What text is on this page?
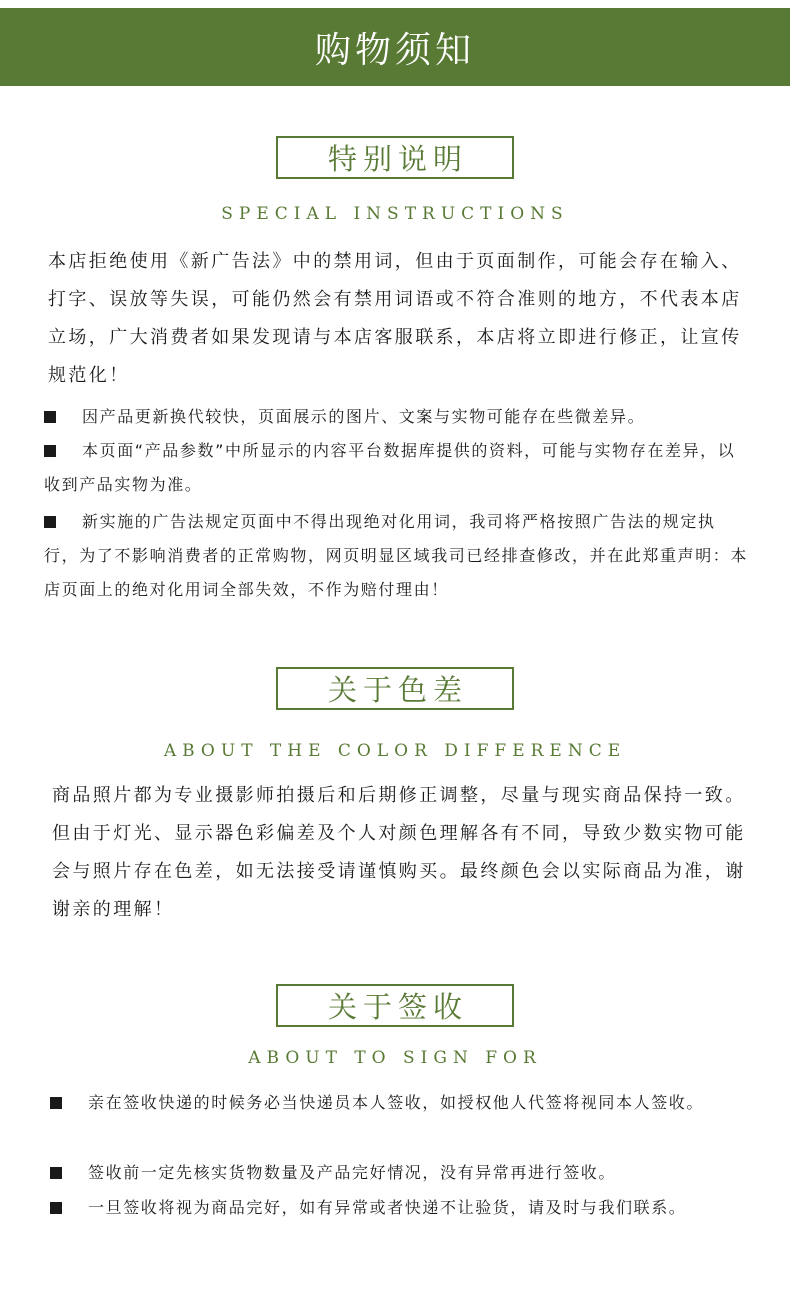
购物须知
特别说明
SPECIAL INSTRUCTIONS

本店拒绝使用《新广告法》中的禁用词，但由于页面制作，可能会存在输入、打字、误放等失误，可能仍然会有禁用词语或不符合准则的地方，不代表本店立场，广大消费者如果发现请与本店客服联系，本店将立即进行修正，让宣传规范化！

因产品更新换代较快，页面展示的图片、文案与实物可能存在些微差异。

本页面“产品参数”中所显示的内容平台数据库提供的资料，可能与实物存在差异，以收到产品实物为准。

新实施的广告法规定页面中不得出现绝对化用词，我司将严格按照广告法的规定执行，为了不影响消费者的正常购物，网页明显区域我司已经排查修改，并在此郑重声明：本店页面上的绝对化用词全部失效，不作为赔付理由！

关于色差
ABOUT THE COLOR DIFFERENCE

商品照片都为专业摄影师拍摄后和后期修正调整，尽量与现实商品保持一致。但由于灯光、显示器色彩偏差及个人对颜色理解各有不同，导致少数实物可能会与照片存在色差，如无法接受请谨慎购买。最终颜色会以实际商品为准，谢谢亲的理解！

关于签收
ABOUT TO SIGN FOR

亲在签收快递的时候务必当快递员本人签收，如授权他人代签将视同本人签收。

签收前一定先核实货物数量及产品完好情况，没有异常再进行签收。

一旦签收将视为商品完好，如有异常或者快递不让验货，请及时与我们联系。
